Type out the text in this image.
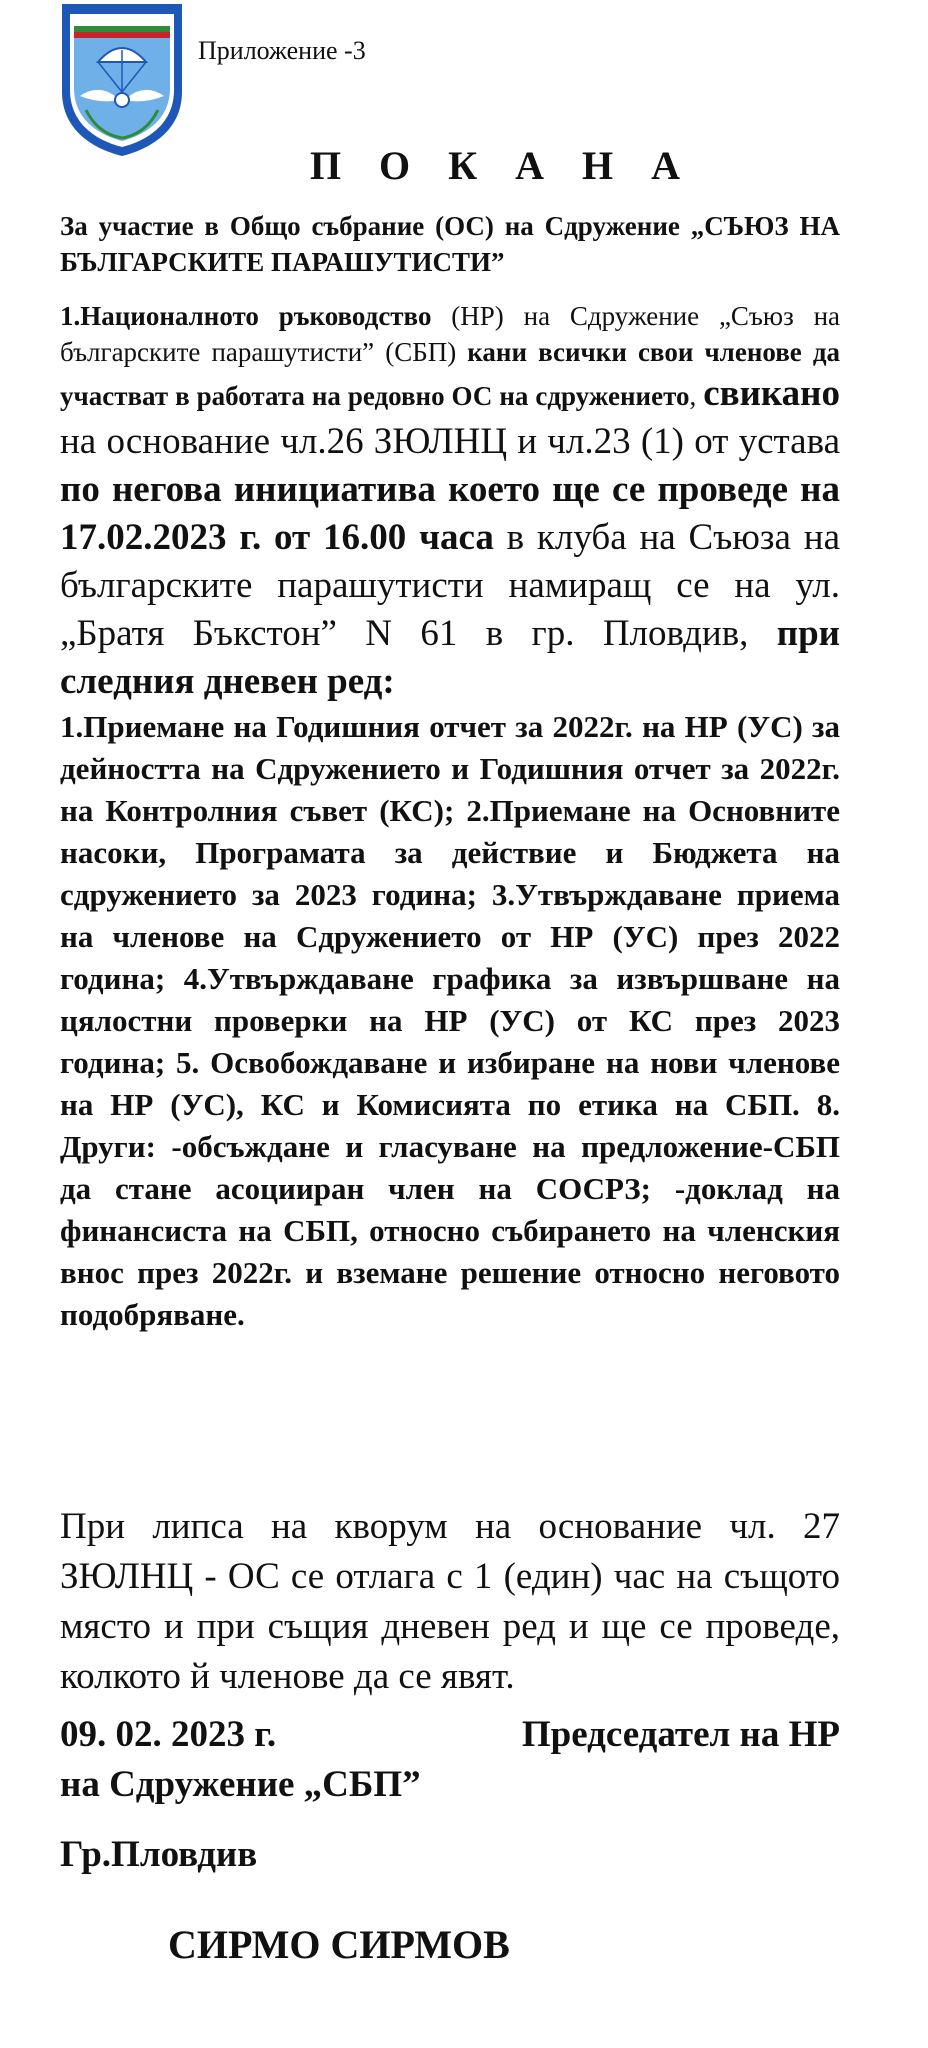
Приложение -3
П О К А Н А
За участие в Общо събрание (ОС) на Сдружение „СЪЮЗ НА БЪЛГАРСКИТЕ ПАРАШУТИСТИ”
1.Националното ръководство (НР) на Сдружение „Съюз на българските парашутисти” (СБП) кани всички свои членове да участват в работата на редовно ОС на сдружението, свикано на основание чл.26 ЗЮЛНЦ и чл.23 (1) от устава по негова инициатива което ще се проведе на 17.02.2023 г. от 16.00 часа в клуба на Съюза на българските парашутисти намиращ се на ул. „Братя Бъкстон” N 61 в гр. Пловдив, при следния дневен ред:
1.Приемане на Годишния отчет за 2022г. на НР (УС) за дейността на Сдружението и Годишния отчет за 2022г. на Контролния съвет (КС); 2.Приемане на Основните насоки, Програмата за действие и Бюджета на сдружението за 2023 година; 3.Утвърждаване приема на членове на Сдружението от НР (УС) през 2022 година; 4.Утвърждаване графика за извършване на цялостни проверки на НР (УС) от КС през 2023 година; 5. Освобождаване и избиране на нови членове на НР (УС), КС и Комисията по етика на СБП. 8. Други: -обсъждане и гласуване на предложение-СБП да стане асоцииран член на СОСРЗ; -доклад на финансиста на СБП, относно събирането на членския внос през 2022г. и вземане решение относно неговото подобряване.
При липса на кворум на основание чл. 27 ЗЮЛНЦ - ОС се отлага с 1 (един) час на същото място и при същия дневен ред и ще се проведе, колкото й членове да се явят.
09. 02. 2023 г.	Председател на НР
на Сдружение „СБП”
Гр.Пловдив
СИРМО СИРМОВ
